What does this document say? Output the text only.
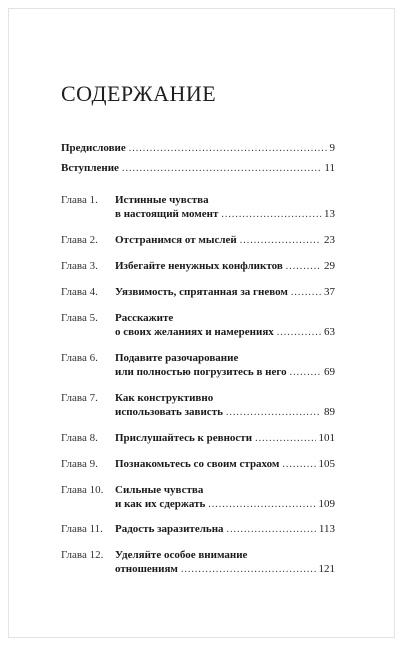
СОДЕРЖАНИЕ
Предисловие .....	9
Вступление .....	11
Глава 1. Истинные чувства
в настоящий момент .....	13
Глава 2. Отстранимся от мыслей .....	23
Глава 3. Избегайте ненужных конфликтов .....	29
Глава 4. Уязвимость, спрятанная за гневом .....	37
Глава 5. Расскажите
о своих желаниях и намерениях .....	63
Глава 6. Подавите разочарование
или полностью погрузитесь в него .....	69
Глава 7. Как конструктивно
использовать зависть .....	89
Глава 8. Прислушайтесь к ревности .....	101
Глава 9. Познакомьтесь со своим страхом .....	105
Глава 10. Сильные чувства
и как их сдержать .....	109
Глава 11. Радость заразительна .....	113
Глава 12. Уделяйте особое внимание
отношениям .....	121
